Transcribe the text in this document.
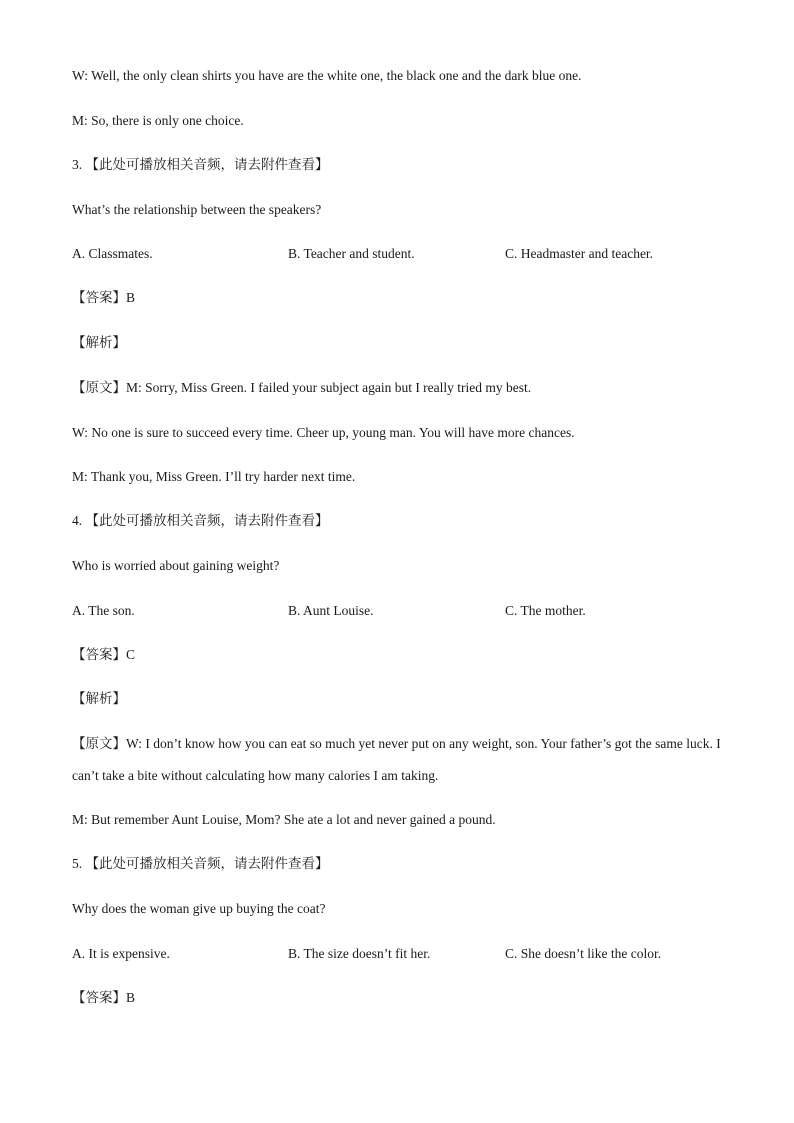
W: Well, the only clean shirts you have are the white one, the black one and the dark blue one.
M: So, there is only one choice.
3. 【此处可播放相关音频，请去附件查看】
What’s the relationship between the speakers?
A. Classmates.	B. Teacher and student.	C. Headmaster and teacher.
【答案】B
【解析】
【原文】M: Sorry, Miss Green. I failed your subject again but I really tried my best.
W: No one is sure to succeed every time. Cheer up, young man. You will have more chances.
M: Thank you, Miss Green. I’ll try harder next time.
4. 【此处可播放相关音频，请去附件查看】
Who is worried about gaining weight?
A. The son.	B. Aunt Louise.	C. The mother.
【答案】C
【解析】
【原文】W: I don’t know how you can eat so much yet never put on any weight, son. Your father’s got the same luck. I can’t take a bite without calculating how many calories I am taking.
M: But remember Aunt Louise, Mom? She ate a lot and never gained a pound.
5. 【此处可播放相关音频，请去附件查看】
Why does the woman give up buying the coat?
A. It is expensive.	B. The size doesn’t fit her.	C. She doesn’t like the color.
【答案】B
